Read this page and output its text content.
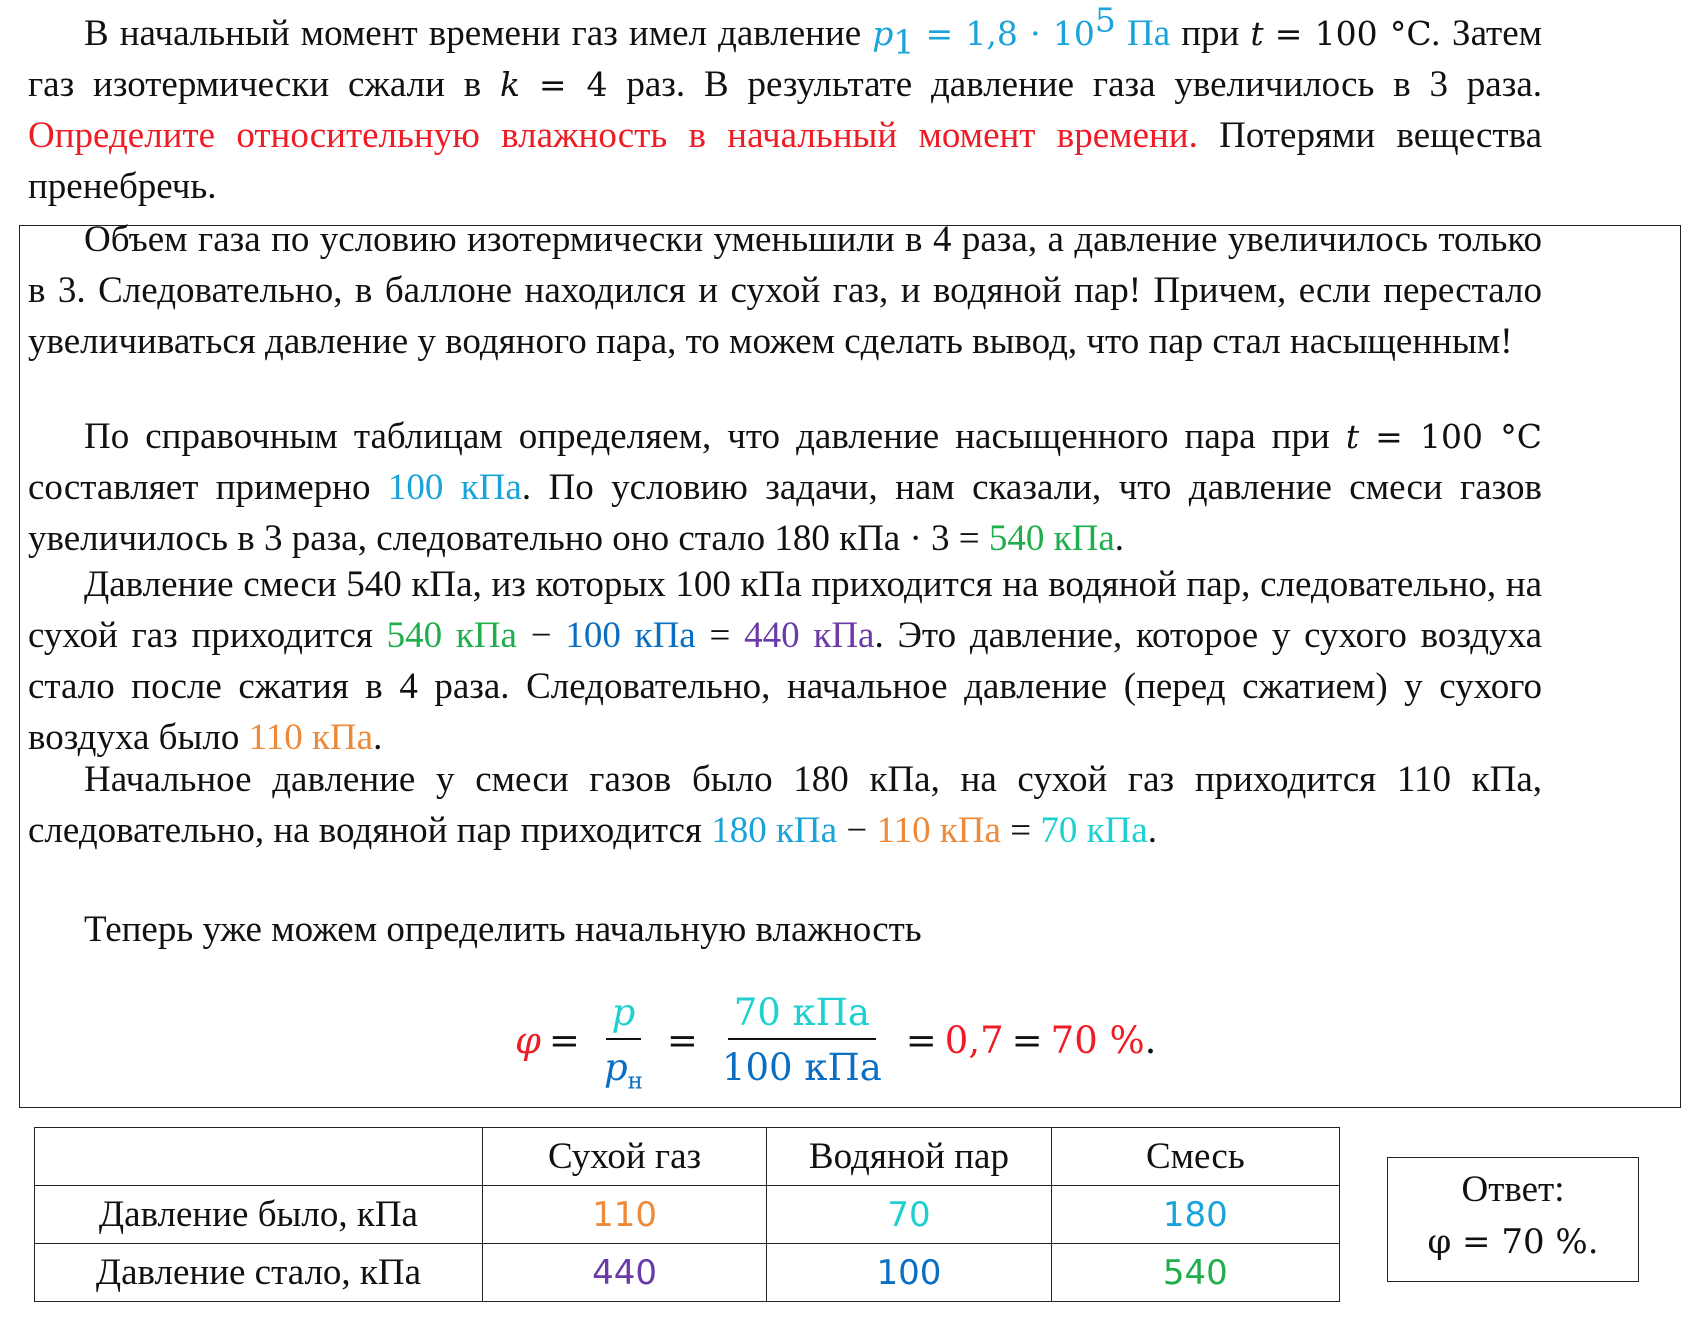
В начальный момент времени газ имел давление $p_1 = 1,8 \cdot 10^5$ Па при t = 100 °C. Затем газ изотермически сжали в k = 4 раз. В результате давление газа увеличилось в 3 раза. Определите относительную влажность в начальный момент времени. Потерями вещества пренебречь.

Объем газа по условию изотермически уменьшили в 4 раза, а давление увеличилось только в 3. Следовательно, в баллоне находился и сухой газ, и водяной пар! Причем, если перестало увеличиваться давление у водяного пара, то можем сделать вывод, что пар стал насыщенным!

По справочным таблицам определяем, что давление насыщенного пара при t = 100 °C составляет примерно 100 кПа. По условию задачи, нам сказали, что давление смеси газов увеличилось в 3 раза, следовательно оно стало 180 кПа · 3 = 540 кПа.

Давление смеси 540 кПа, из которых 100 кПа приходится на водяной пар, следовательно, на сухой газ приходится 540 кПа − 100 кПа = 440 кПа. Это давление, которое у сухого воздуха стало после сжатия в 4 раза. Следовательно, начальное давление (перед сжатием) у сухого воздуха было 110 кПа.

Начальное давление у смеси газов было 180 кПа, на сухой газ приходится 110 кПа, следовательно, на водяной пар приходится 180 кПа − 110 кПа = 70 кПа.

Теперь уже можем определить начальную влажность

$\varphi = \frac{p}{p_н} = \frac{\text{70 кПа}}{\text{100 кПа}} = 0,7 = 70$ % .
	Сухой газ	Водяной пар	Смесь
Давление было, кПа	110	70	180
Давление стало, кПа	440	100	540
Ответ:
φ = 70 %.
